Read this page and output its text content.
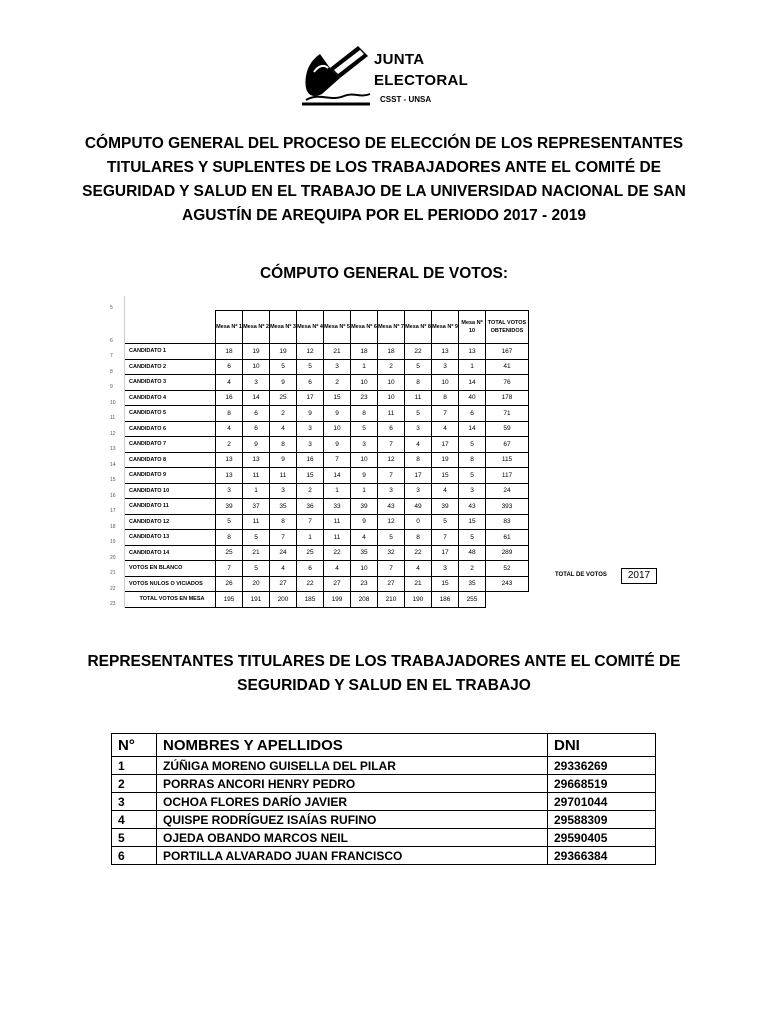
JUNTA
ELECTORAL
CSST - UNSA
CÓMPUTO GENERAL DEL PROCESO DE ELECCIÓN DE LOS REPRESENTANTES TITULARES Y SUPLENTES DE LOS TRABAJADORES ANTE EL COMITÉ DE SEGURIDAD Y SALUD EN EL TRABAJO DE LA UNIVERSIDAD NACIONAL DE SAN AGUSTÍN DE AREQUIPA POR EL PERIODO 2017 - 2019
CÓMPUTO GENERAL DE VOTOS:
5												
6		Mesa Nº 1	Mesa Nº 2	Mesa Nº 3	Mesa Nº 4	Mesa Nº 5	Mesa Nº 6	Mesa Nº 7	Mesa Nº 8	Mesa Nº 9	Mesa Nº 10	TOTAL VOTOS OBTENIDOS
7	CANDIDATO 1	18	19	19	12	21	18	18	22	13	13	167
8	CANDIDATO 2	6	10	5	5	3	1	2	5	3	1	41
9	CANDIDATO 3	4	3	9	6	2	10	10	8	10	14	76
10	CANDIDATO 4	16	14	25	17	15	23	10	11	8	40	178
11	CANDIDATO 5	8	6	2	9	9	8	11	5	7	6	71
12	CANDIDATO 6	4	6	4	3	10	5	6	3	4	14	59
13	CANDIDATO 7	2	9	8	3	9	3	7	4	17	5	67
14	CANDIDATO 8	13	13	9	16	7	10	12	8	19	8	115
15	CANDIDATO 9	13	11	11	15	14	9	7	17	15	5	117
16	CANDIDATO 10	3	1	3	2	1	1	3	3	4	3	24
17	CANDIDATO 11	39	37	35	36	33	39	43	49	39	43	393
18	CANDIDATO 12	5	11	8	7	11	9	12	0	5	15	83
19	CANDIDATO 13	8	5	7	1	11	4	5	8	7	5	61
20	CANDIDATO 14	25	21	24	25	22	35	32	22	17	48	289
21	VOTOS EN BLANCO	7	5	4	6	4	10	7	4	3	2	52
22	VOTOS NULOS O VICIADOS	26	20	27	22	27	23	27	21	15	35	243
23	TOTAL VOTOS EN MESA	195	191	200	185	199	208	210	190	186	255	
TOTAL DE VOTOS	2017
REPRESENTANTES TITULARES DE LOS TRABAJADORES ANTE EL COMITÉ DE SEGURIDAD Y SALUD EN EL TRABAJO
N°	NOMBRES Y APELLIDOS	DNI
1	ZÚÑIGA MORENO GUISELLA DEL PILAR	29336269
2	PORRAS ANCORI HENRY PEDRO	29668519
3	OCHOA FLORES DARÍO JAVIER	29701044
4	QUISPE RODRÍGUEZ ISAÍAS RUFINO	29588309
5	OJEDA OBANDO MARCOS NEIL	29590405
6	PORTILLA ALVARADO JUAN FRANCISCO	29366384
